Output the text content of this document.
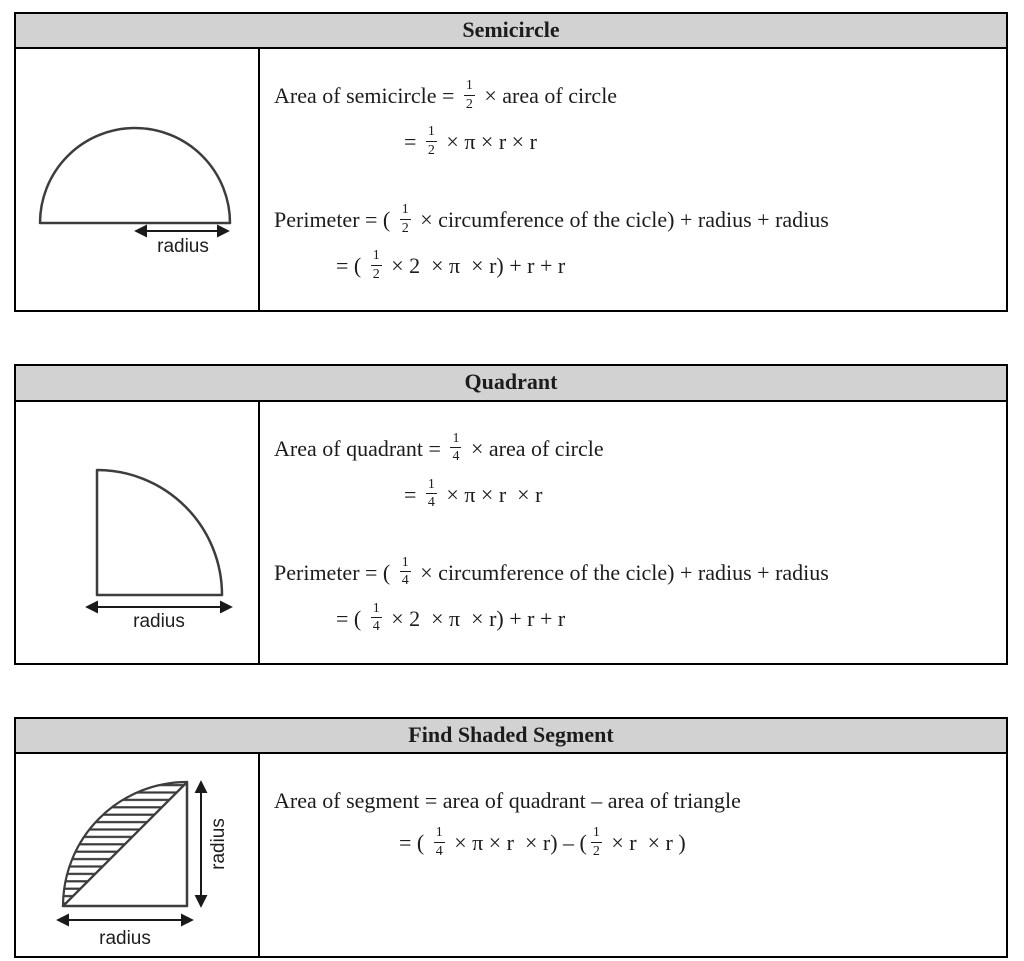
Semicircle
radius
Area of semicircle = $\frac{1}{2}$ × area of circle
= $\frac{1}{2} \times \pi \times r \times r$
Perimeter = ( $\frac{1}{2}$ × circumference of the cicle) + radius + radius
= ( $\frac{1}{2} \times 2 \times \pi \times r) + r + r$
Quadrant
radius
Area of quadrant = $\frac{1}{4}$ × area of circle
= $\frac{1}{4} \times \pi \times r \times r$
Perimeter = ( $\frac{1}{4}$ × circumference of the cicle) + radius + radius
= ( $\frac{1}{4} \times 2 \times \pi \times r) + r + r$
Find Shaded Segment
radius
radius
Area of segment = area of quadrant – area of triangle
= ( $\frac{1}{4} \times \pi \times r \times r$) – ( $\frac{1}{2} \times r \times r$ )
